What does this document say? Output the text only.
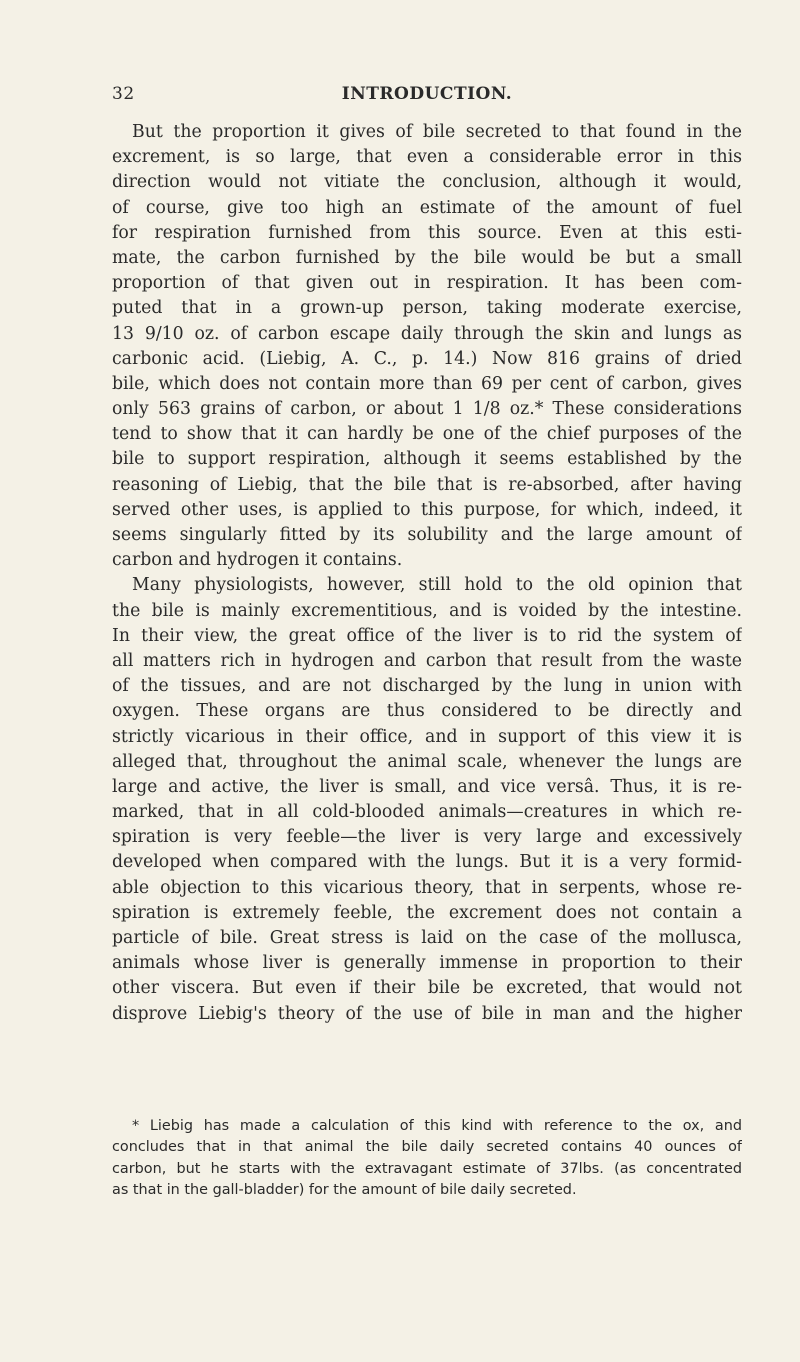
32	INTRODUCTION.
But the proportion it gives of bile secreted to that found in the
excrement, is so large, that even a considerable error in this
direction would not vitiate the conclusion, although it would,
of course, give too high an estimate of the amount of fuel
for respiration furnished from this source. Even at this esti-
mate, the carbon furnished by the bile would be but a small
proportion of that given out in respiration. It has been com-
puted that in a grown-up person, taking moderate exercise,
13 9/10 oz. of carbon escape daily through the skin and lungs as
carbonic acid. (Liebig, A. C., p. 14.) Now 816 grains of dried
bile, which does not contain more than 69 per cent of carbon, gives
only 563 grains of carbon, or about 1 1/8 oz.* These considerations
tend to show that it can hardly be one of the chief purposes of the
bile to support respiration, although it seems established by the
reasoning of Liebig, that the bile that is re-absorbed, after having
served other uses, is applied to this purpose, for which, indeed, it
seems singularly fitted by its solubility and the large amount of
carbon and hydrogen it contains.
Many physiologists, however, still hold to the old opinion that
the bile is mainly excrementitious, and is voided by the intestine.
In their view, the great office of the liver is to rid the system of
all matters rich in hydrogen and carbon that result from the waste
of the tissues, and are not discharged by the lung in union with
oxygen. These organs are thus considered to be directly and
strictly vicarious in their office, and in support of this view it is
alleged that, throughout the animal scale, whenever the lungs are
large and active, the liver is small, and vice versâ. Thus, it is re-
marked, that in all cold-blooded animals—creatures in which re-
spiration is very feeble—the liver is very large and excessively
developed when compared with the lungs. But it is a very formid-
able objection to this vicarious theory, that in serpents, whose re-
spiration is extremely feeble, the excrement does not contain a
particle of bile. Great stress is laid on the case of the mollusca,
animals whose liver is generally immense in proportion to their
other viscera. But even if their bile be excreted, that would not
disprove Liebig's theory of the use of bile in man and the higher
* Liebig has made a calculation of this kind with reference to the ox, and
concludes that in that animal the bile daily secreted contains 40 ounces of
carbon, but he starts with the extravagant estimate of 37lbs. (as concentrated
as that in the gall-bladder) for the amount of bile daily secreted.
